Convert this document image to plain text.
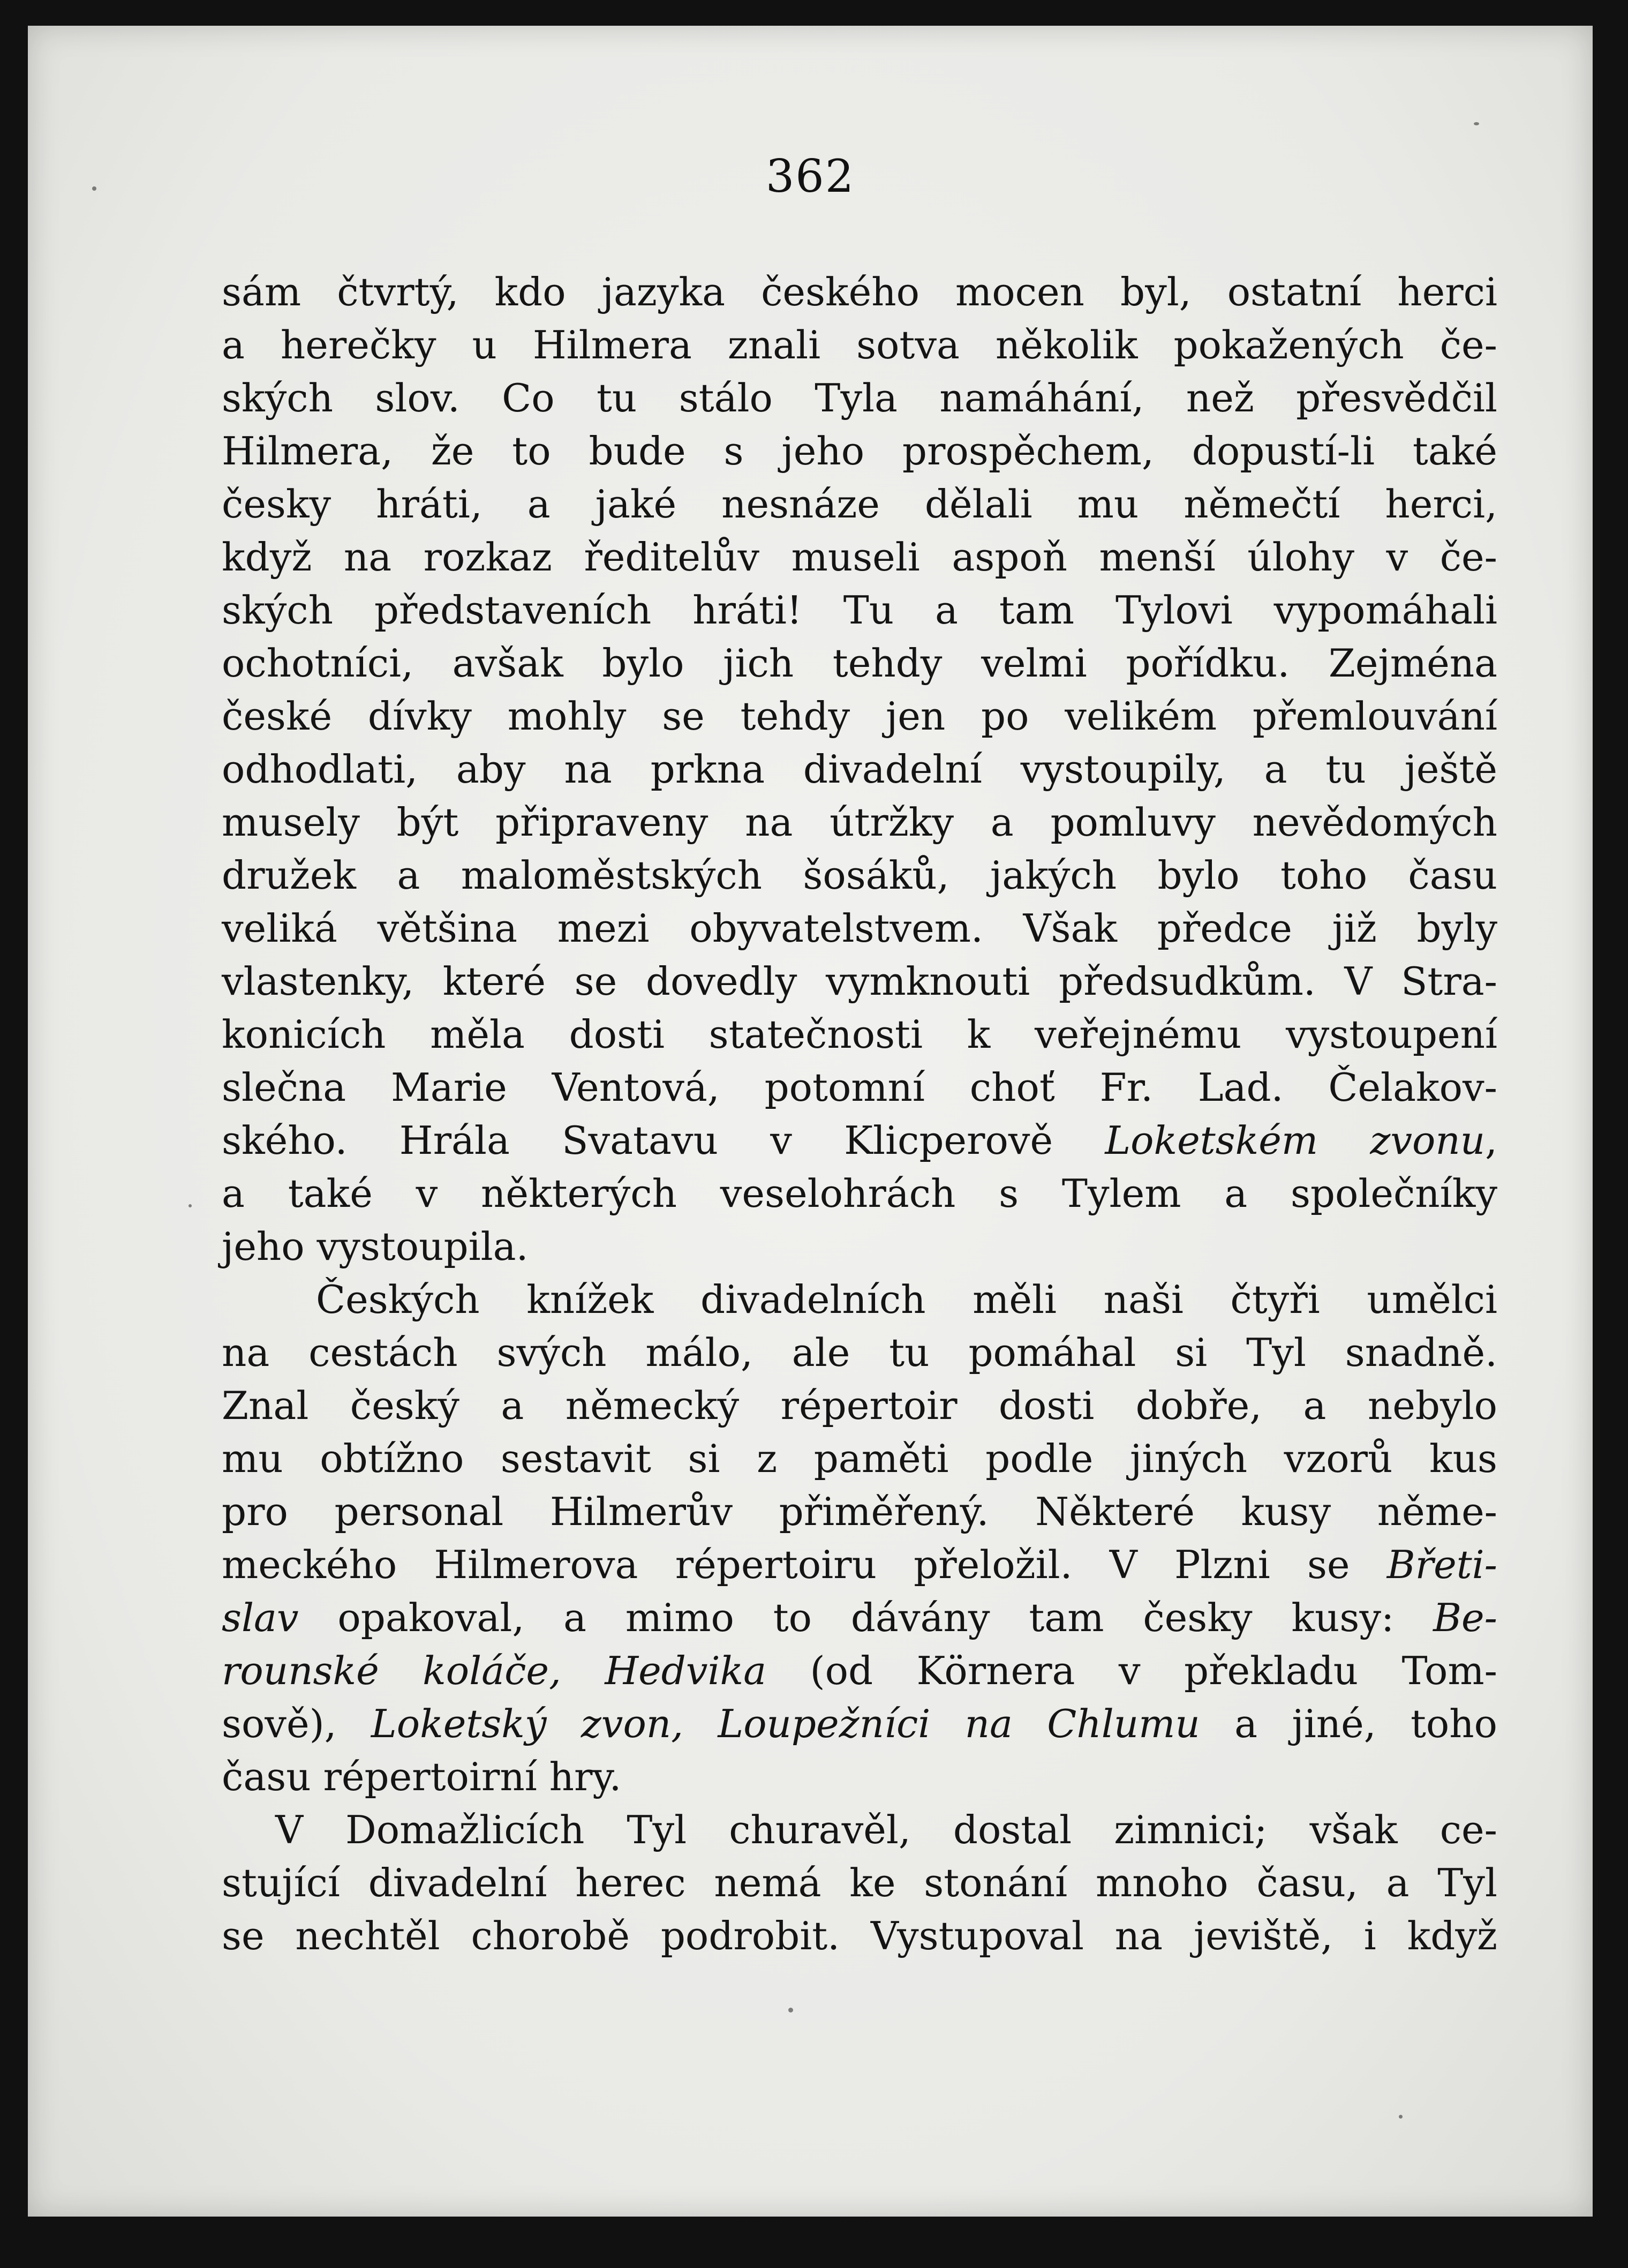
362
sám čtvrtý, kdo jazyka českého mocen byl, ostatní herci
a herečky u Hilmera znali sotva několik pokažených če-
ských slov. Co tu stálo Tyla namáhání, než přesvědčil
Hilmera, že to bude s jeho prospěchem, dopustí-li také
česky hráti, a jaké nesnáze dělali mu němečtí herci,
když na rozkaz ředitelův museli aspoň menší úlohy v če-
ských představeních hráti! Tu a tam Tylovi vypomáhali
ochotníci, avšak bylo jich tehdy velmi pořídku. Zejména
české dívky mohly se tehdy jen po velikém přemlouvání
odhodlati, aby na prkna divadelní vystoupily, a tu ještě
musely být připraveny na útržky a pomluvy nevědomých
družek a maloměstských šosáků, jakých bylo toho času
veliká většina mezi obyvatelstvem. Však předce již byly
vlastenky, které se dovedly vymknouti předsudkům. V Stra-
konicích měla dosti statečnosti k veřejnému vystoupení
slečna Marie Ventová, potomní choť Fr. Lad. Čelakov-
ského. Hrála Svatavu v Klicperově Loketském zvonu,
a také v některých veselohrách s Tylem a společníky
jeho vystoupila.
Českých knížek divadelních měli naši čtyři umělci
na cestách svých málo, ale tu pomáhal si Tyl snadně.
Znal český a německý répertoir dosti dobře, a nebylo
mu obtížno sestavit si z paměti podle jiných vzorů kus
pro personal Hilmerův přiměřený. Některé kusy něme-
meckého Hilmerova répertoiru přeložil. V Plzni se Břeti-
slav opakoval, a mimo to dávány tam česky kusy: Be-
rounské koláče, Hedvika (od Körnera v překladu Tom-
sově), Loketský zvon, Loupežníci na Chlumu a jiné, toho
času répertoirní hry.
V Domažlicích Tyl churavěl, dostal zimnici; však ce-
stující divadelní herec nemá ke stonání mnoho času, a Tyl
se nechtěl chorobě podrobit. Vystupoval na jeviště, i když
